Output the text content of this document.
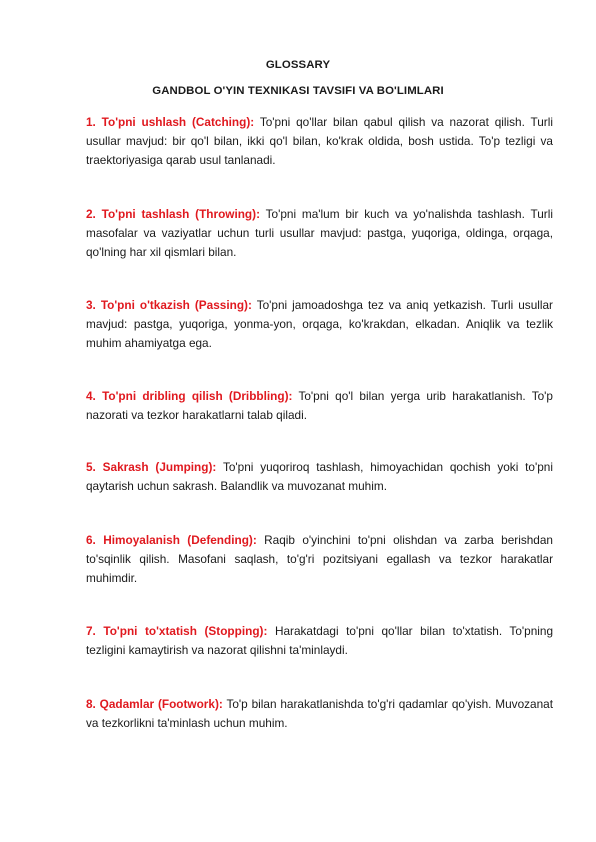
GLOSSARY
GANDBOL O'YIN TEXNIKASI TAVSIFI VA BO'LIMLARI

1. To'pni ushlash (Catching): To'pni qo'llar bilan qabul qilish va nazorat qilish. Turli usullar mavjud: bir qo'l bilan, ikki qo'l bilan, ko'krak oldida, bosh ustida. To'p tezligi va traektoriyasiga qarab usul tanlanadi.

2. To'pni tashlash (Throwing): To'pni ma'lum bir kuch va yo'nalishda tashlash. Turli masofalar va vaziyatlar uchun turli usullar mavjud: pastga, yuqoriga, oldinga, orqaga, qo'lning har xil qismlari bilan.

3. To'pni o'tkazish (Passing): To'pni jamoadoshga tez va aniq yetkazish. Turli usullar mavjud: pastga, yuqoriga, yonma-yon, orqaga, ko'krakdan, elkadan. Aniqlik va tezlik muhim ahamiyatga ega.

4. To'pni dribling qilish (Dribbling): To'pni qo'l bilan yerga urib harakatlanish. To'p nazorati va tezkor harakatlarni talab qiladi.

5. Sakrash (Jumping): To'pni yuqoriroq tashlash, himoyachidan qochish yoki to'pni qaytarish uchun sakrash. Balandlik va muvozanat muhim.

6. Himoyalanish (Defending): Raqib o'yinchini to'pni olishdan va zarba berishdan to'sqinlik qilish. Masofani saqlash, to'g'ri pozitsiyani egallash va tezkor harakatlar muhimdir.

7. To'pni to'xtatish (Stopping): Harakatdagi to'pni qo'llar bilan to'xtatish. To'pning tezligini kamaytirish va nazorat qilishni ta'minlaydi.

8. Qadamlar (Footwork): To'p bilan harakatlanishda to'g'ri qadamlar qo'yish. Muvozanat va tezkorlikni ta'minlash uchun muhim.
